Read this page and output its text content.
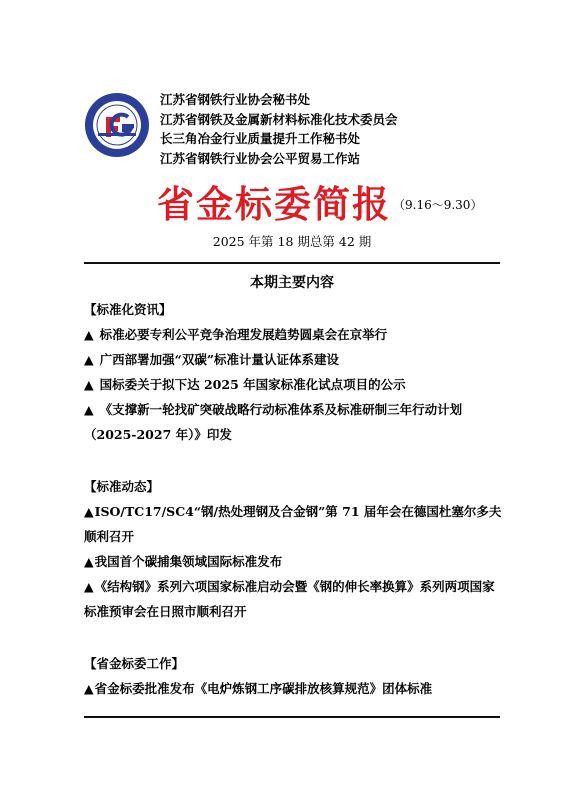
江苏省钢铁行业协会秘书处
江苏省钢铁及金属新材料标准化技术委员会
长三角冶金行业质量提升工作秘书处
江苏省钢铁行业协会公平贸易工作站
省金标委简报 $^{(9.16\sim 9.30)}$
2025 年第 18 期总第 42 期
本期主要内容
【标准化资讯】
▲ 标准必要专利公平竞争治理发展趋势圆桌会在京举行
▲ 广西部署加强“双碳”标准计量认证体系建设
▲ 国标委关于拟下达 2025 年国家标准化试点项目的公示
▲ 《支撑新一轮找矿突破战略行动标准体系及标准研制三年行动计划（2025-2027 年）》印发
【标准动态】
▲ISO/TC17/SC4“钢/热处理钢及合金钢”第 71 届年会在德国杜塞尔多夫顺利召开
▲我国首个碳捕集领域国际标准发布
▲《结构钢》系列六项国家标准启动会暨《钢的伸长率换算》系列两项国家标准预审会在日照市顺利召开
【省金标委工作】
▲省金标委批准发布《电炉炼钢工序碳排放核算规范》团体标准
